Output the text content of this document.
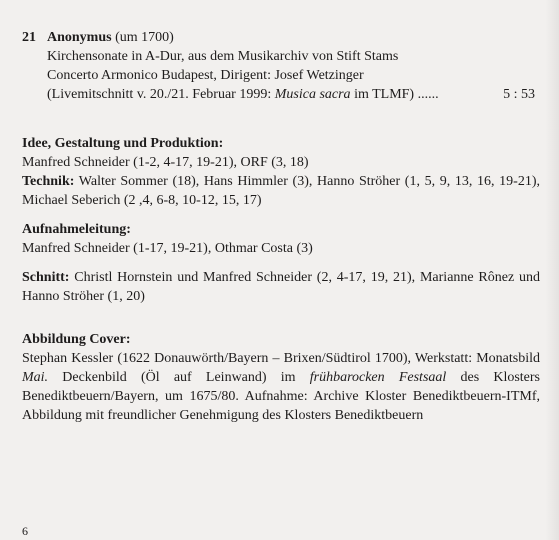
21 Anonymus (um 1700)
Kirchensonate in A-Dur, aus dem Musikarchiv von Stift Stams
Concerto Armonico Budapest, Dirigent: Josef Wetzinger
(Livemitschnitt v. 20./21. Februar 1999: Musica sacra im TLMF) ......	5 : 53
Idee, Gestaltung und Produktion:
Manfred Schneider (1-2, 4-17, 19-21), ORF (3, 18)
Technik: Walter Sommer (18), Hans Himmler (3), Hanno Ströher (1, 5, 9, 13, 16, 19-21), Michael Seberich (2 ,4, 6-8, 10-12, 15, 17)
Aufnahmeleitung:
Manfred Schneider (1-17, 19-21), Othmar Costa (3)
Schnitt: Christl Hornstein und Manfred Schneider (2, 4-17, 19, 21), Marianne Rônez und Hanno Ströher (1, 20)
Abbildung Cover:
Stephan Kessler (1622 Donauwörth/Bayern – Brixen/Südtirol 1700), Werkstatt: Monatsbild Mai. Deckenbild (Öl auf Leinwand) im frühbarocken Festsaal des Klosters Benediktbeuern/Bayern, um 1675/80. Aufnahme: Archive Kloster Benediktbeuern-ITMf, Abbildung mit freundlicher Genehmigung des Klosters Benediktbeuern
6
